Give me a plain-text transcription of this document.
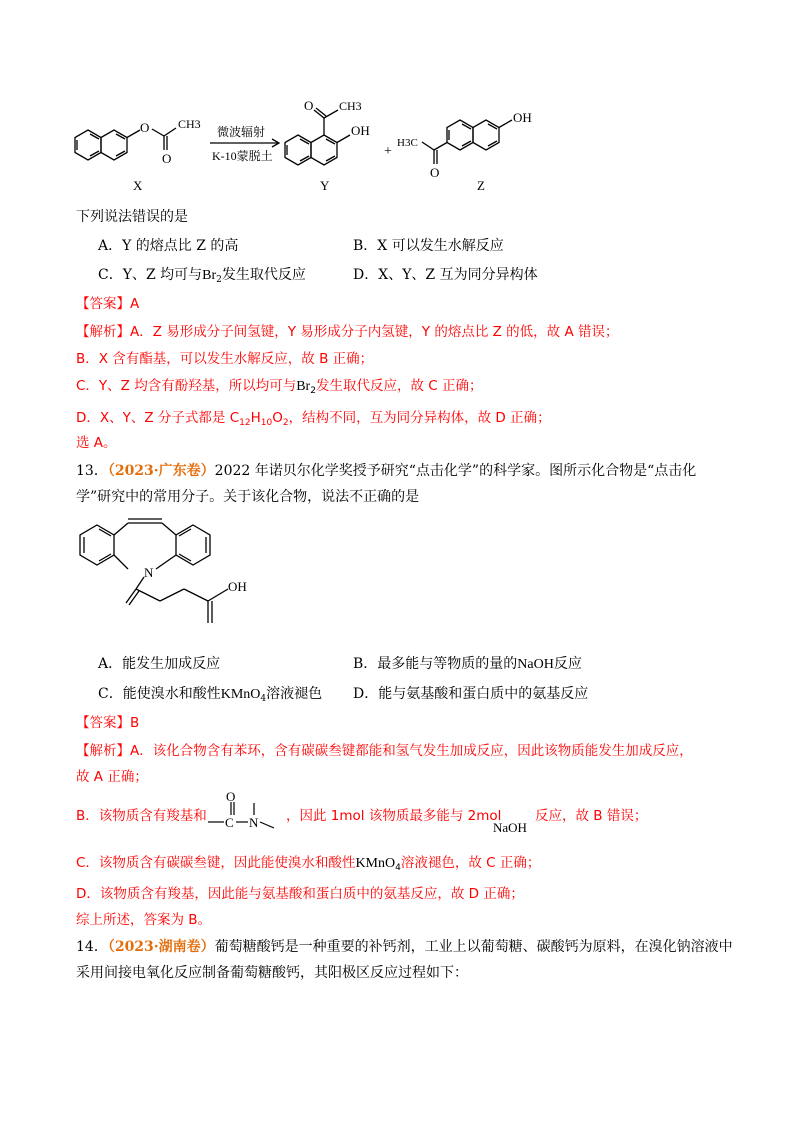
O
O
CH3
微波辐射
K-10蒙脱土
O CH3
OH
+
H3C
O
OH
X	Y	Z
下列说法错误的是
A．Y 的熔点比 Z 的高	B．X 可以发生水解反应
C．Y、Z 均可与$Br_2$发生取代反应	D．X、Y、Z 互为同分异构体
【答案】A
【解析】A．Z 易形成分子间氢键，Y 易形成分子内氢键，Y 的熔点比 Z 的低，故 A 错误；
B．X 含有酯基，可以发生水解反应，故 B 正确；
C．Y、Z 均含有酚羟基，所以均可与$Br_2$发生取代反应，故 C 正确；
D．X、Y、Z 分子式都是 $C_{12}H_{10}O_2$，结构不同，互为同分异构体，故 D 正确；
选 A。
13．（2023·广东卷）2022 年诺贝尔化学奖授予研究“点击化学”的科学家。图所示化合物是“点击化
学”研究中的常用分子。关于该化合物，说法不正确的是
N
OH
A．能发生加成反应	B．最多能与等物质的量的NaOH反应
C．能使溴水和酸性KMnO$_4$溶液褪色 D．能与氨基酸和蛋白质中的氨基反应
【答案】B
【解析】A．该化合物含有苯环，含有碳碳叁键都能和氢气发生加成反应，因此该物质能发生加成反应，
故 A 正确；
B．该物质含有羧基和
O
C N ，因此 1mol 该物质最多能与 2mol
NaOH
反应，故 B 错误；
C．该物质含有碳碳叁键，因此能使溴水和酸性KMnO$_4$溶液褪色，故 C 正确；
D．该物质含有羧基，因此能与氨基酸和蛋白质中的氨基反应，故 D 正确；
综上所述，答案为 B。
14．（2023·湖南卷）葡萄糖酸钙是一种重要的补钙剂，工业上以葡萄糖、碳酸钙为原料，在溴化钠溶液中
采用间接电氧化反应制备葡萄糖酸钙，其阳极区反应过程如下：
